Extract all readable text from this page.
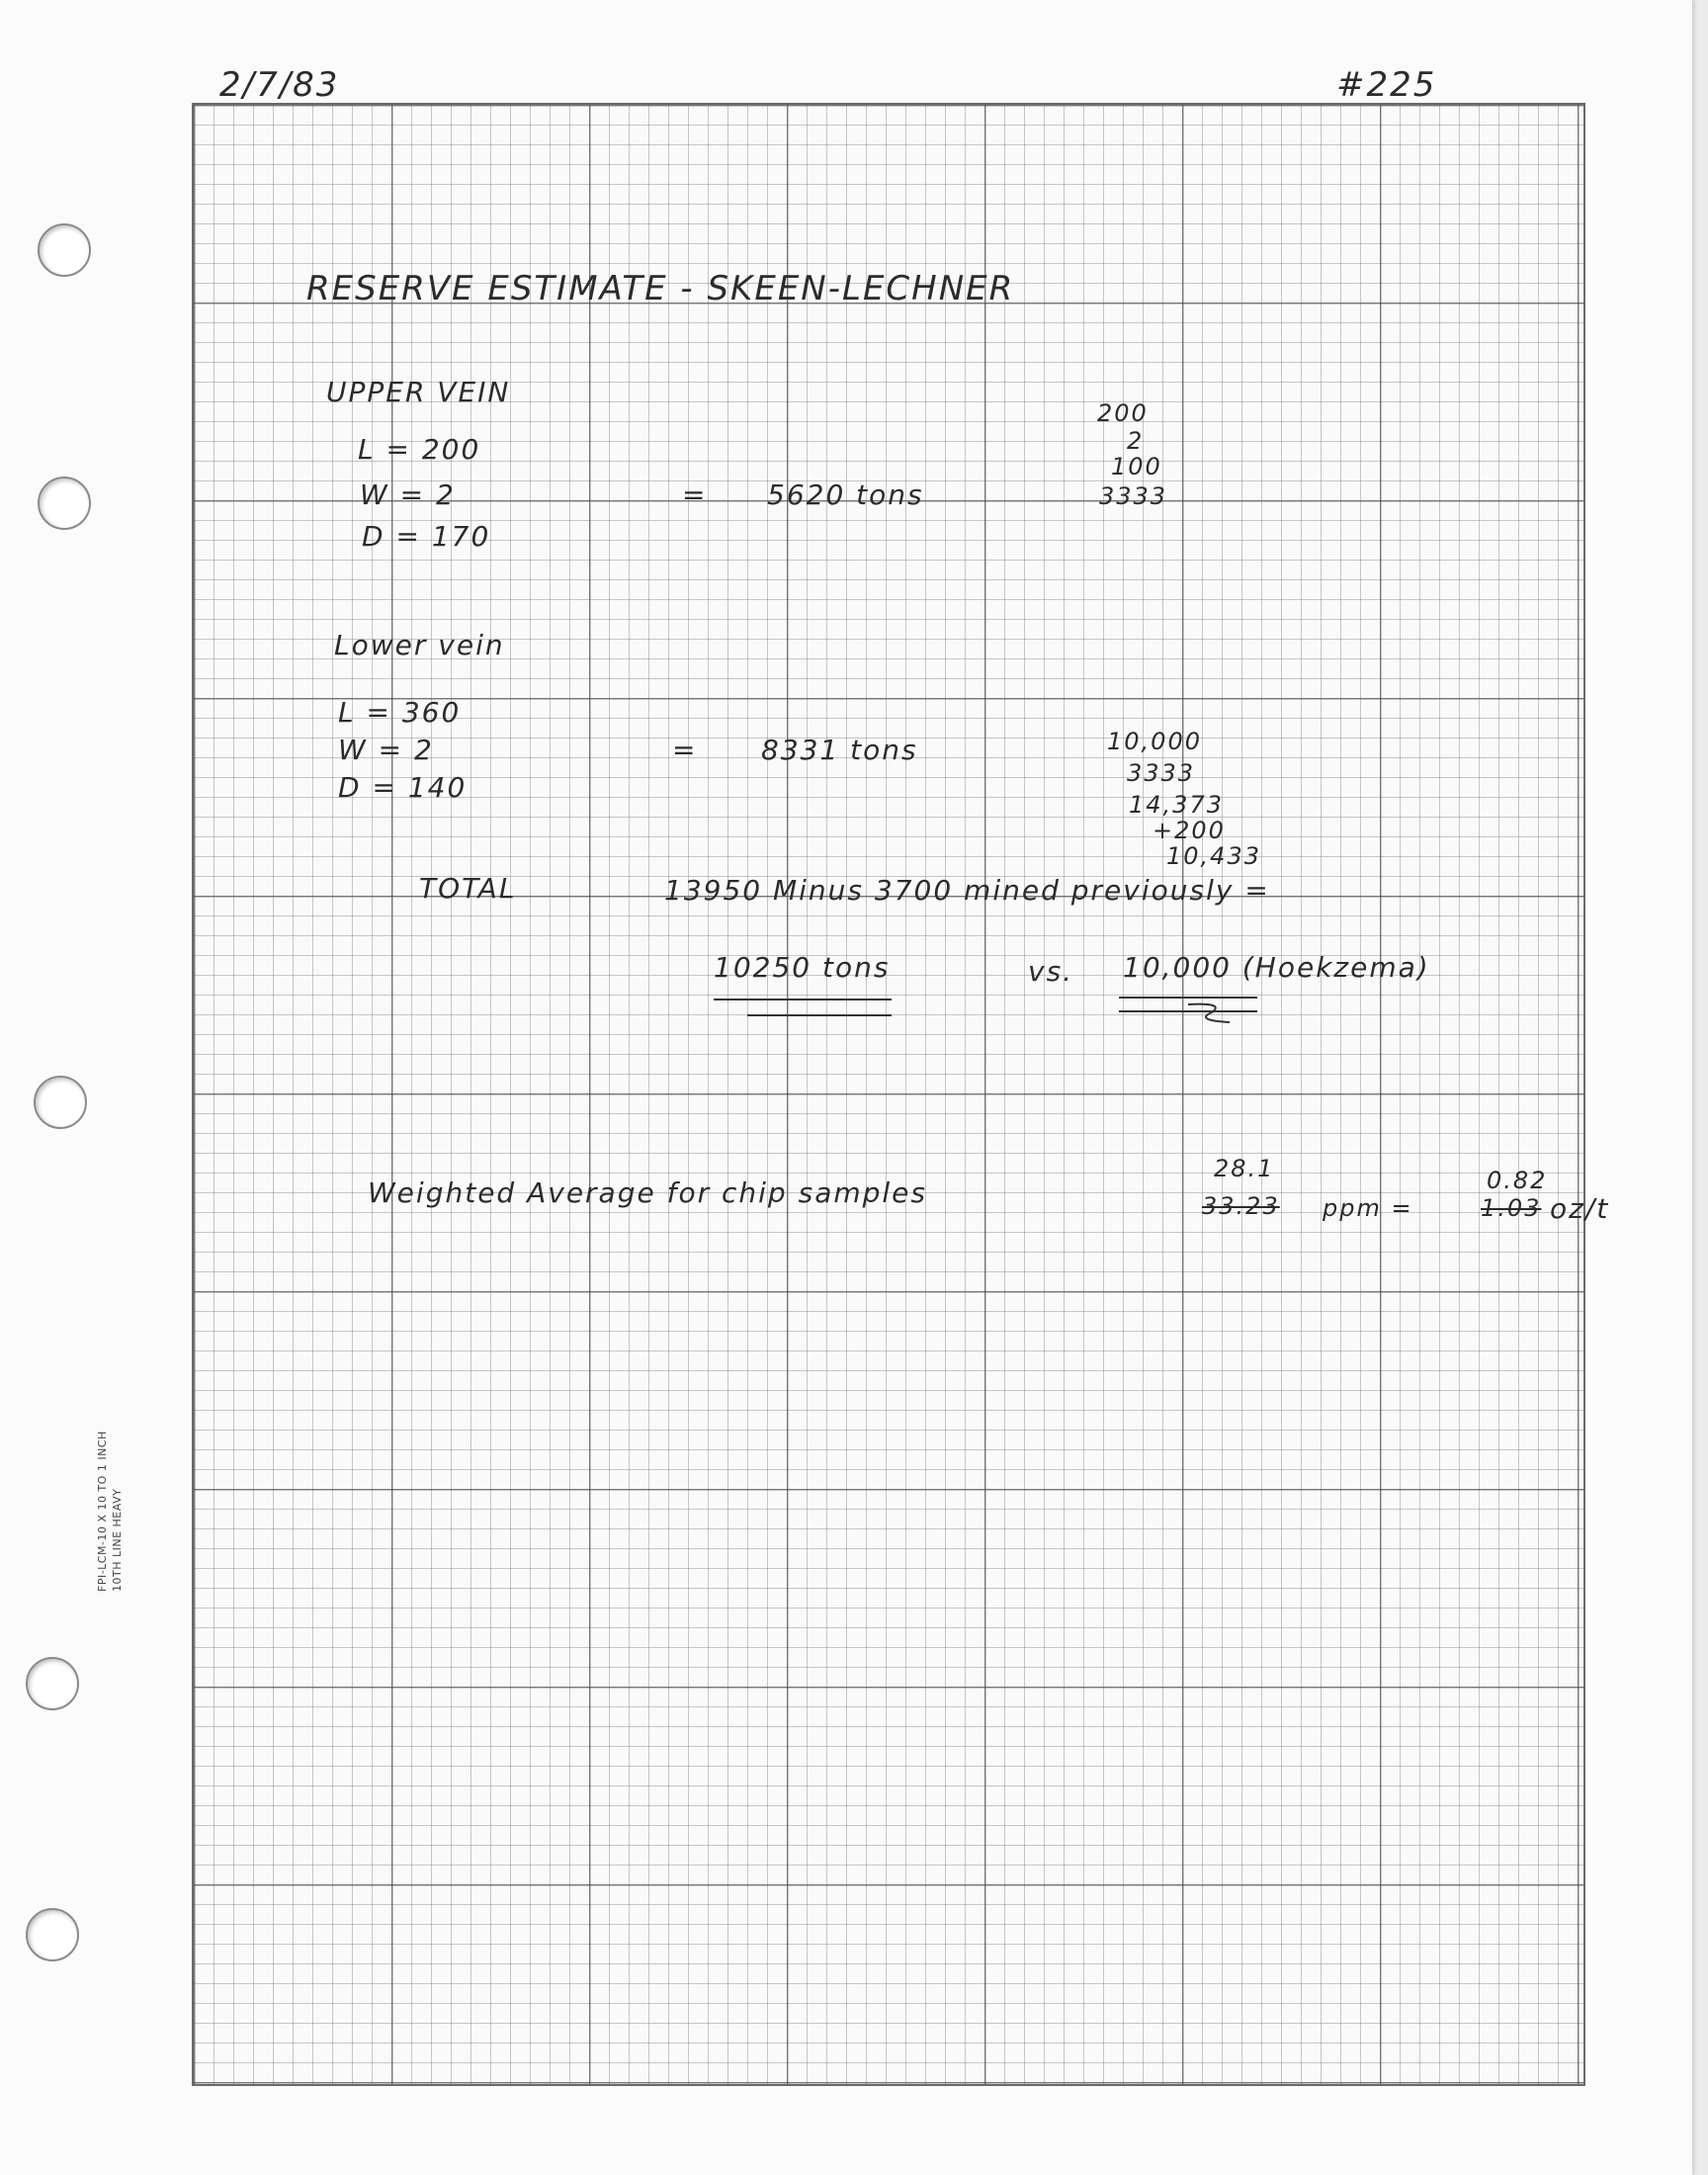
FPI-LCM-10 X 10 TO 1 INCH 10TH LINE HEAVY
2/7/83	#225
RESERVE ESTIMATE - SKEEN-LECHNER
UPPER VEIN
L = 200
W = 2
D = 170
= 5620 tons
200
2
100
3333
Lower vein
L = 360
W = 2
D = 140
= 8331 tons	10,000
3333
14,373
+200
10,433
TOTAL	13950 Minus 3700 mined previously =
10250 tons	vs. 10,000 (Hoekzema)
Weighted Average for chip samples
28.1
33.23 ppm =
0.82
1.03 oz/t
